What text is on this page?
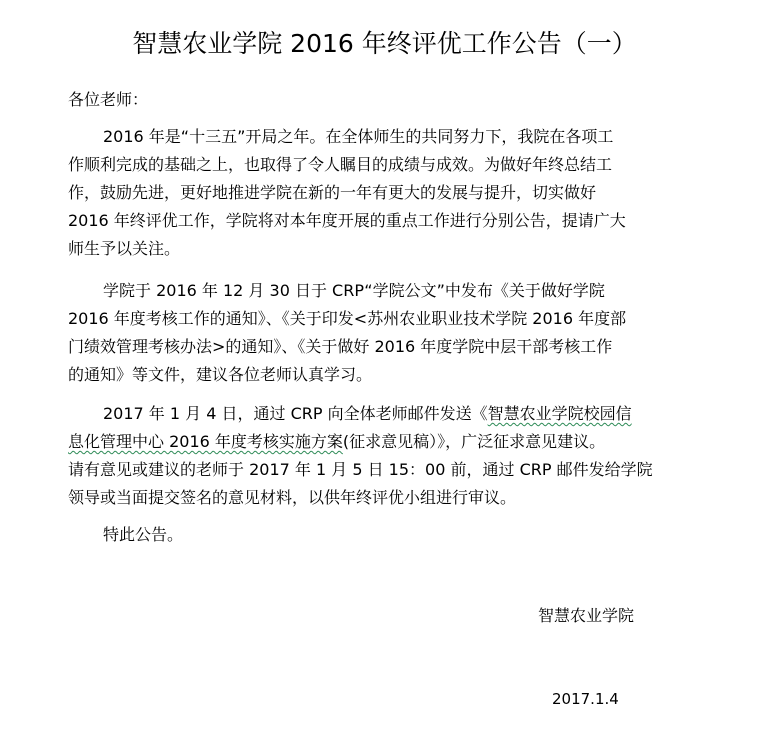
智慧农业学院 2016 年终评优工作公告（一）
各位老师：
2016 年是“十三五”开局之年。在全体师生的共同努力下，我院在各项工
作顺利完成的基础之上，也取得了令人瞩目的成绩与成效。为做好年终总结工
作，鼓励先进，更好地推进学院在新的一年有更大的发展与提升，切实做好
2016 年终评优工作，学院将对本年度开展的重点工作进行分别公告，提请广大
师生予以关注。
学院于 2016 年 12 月 30 日于 CRP“学院公文”中发布《关于做好学院
2016 年度考核工作的通知》、《关于印发<苏州农业职业技术学院 2016 年度部
门绩效管理考核办法>的通知》、《关于做好 2016 年度学院中层干部考核工作
的通知》等文件，建议各位老师认真学习。
2017 年 1 月 4 日，通过 CRP 向全体老师邮件发送《智慧农业学院校园信
息化管理中心 2016 年度考核实施方案(征求意见稿）》，广泛征求意见建议。
请有意见或建议的老师于 2017 年 1 月 5 日 15：00 前，通过 CRP 邮件发给学院
领导或当面提交签名的意见材料，以供年终评优小组进行审议。
特此公告。
智慧农业学院
2017.1.4
